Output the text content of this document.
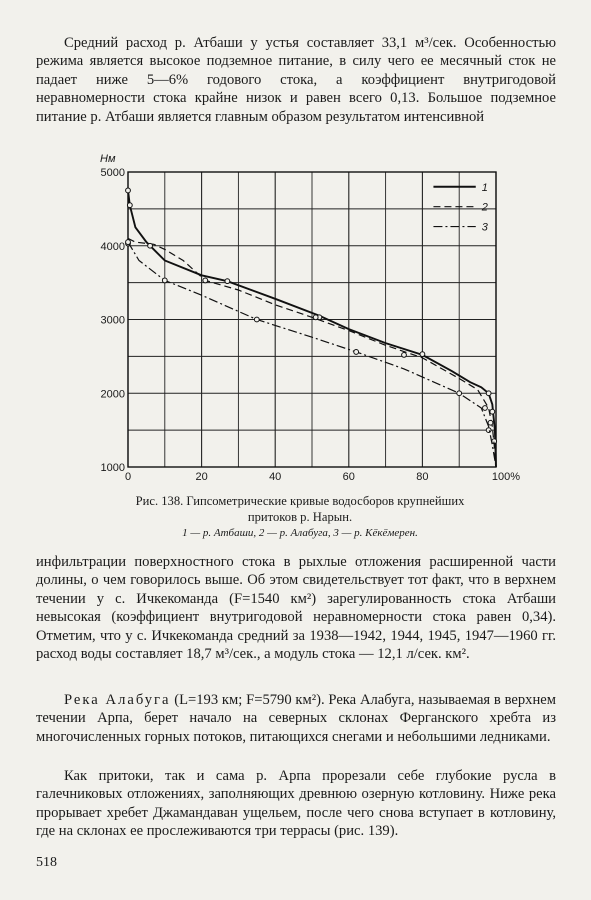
Средний расход р. Атбаши у устья составляет 33,1 м³/сек. Особенностью режима является высокое подземное питание, в силу чего ее месячный сток не падает ниже 5—6% годового стока, а коэффициент внутригодовой неравномерности стока крайне низок и равен всего 0,13. Большое подземное питание р. Атбаши является главным образом результатом интенсивной

Нм
1000
2000
3000
4000
5000
0	20	40	60	80	100%
1
2
3
Рис. 138. Гипсометрические кривые водосборов крупнейших
притоков р. Нарын.
1 — р. Атбаши, 2 — р. Алабуга, 3 — р. Кёкёмерен.

инфильтрации поверхностного стока в рыхлые отложения расширенной части долины, о чем говорилось выше. Об этом свидетельствует тот факт, что в верхнем течении у с. Ичкекоманда (F=1540 км²) зарегулированность стока Атбаши невысокая (коэффициент внутригодовой неравномерности стока равен 0,34). Отметим, что у с. Ичкекоманда средний за 1938—1942, 1944, 1945, 1947—1960 гг. расход воды составляет 18,7 м³/сек., а модуль стока — 12,1 л/сек. км².

Река Алабуга (L=193 км; F=5790 км²). Река Алабуга, называемая в верхнем течении Арпа, берет начало на северных склонах Ферганского хребта из многочисленных горных потоков, питающихся снегами и небольшими ледниками.

Как притоки, так и сама р. Арпа прорезали себе глубокие русла в галечниковых отложениях, заполняющих древнюю озерную котловину. Ниже река прорывает хребет Джамандаван ущельем, после чего снова вступает в котловину, где на склонах ее прослеживаются три террасы (рис. 139).

518
